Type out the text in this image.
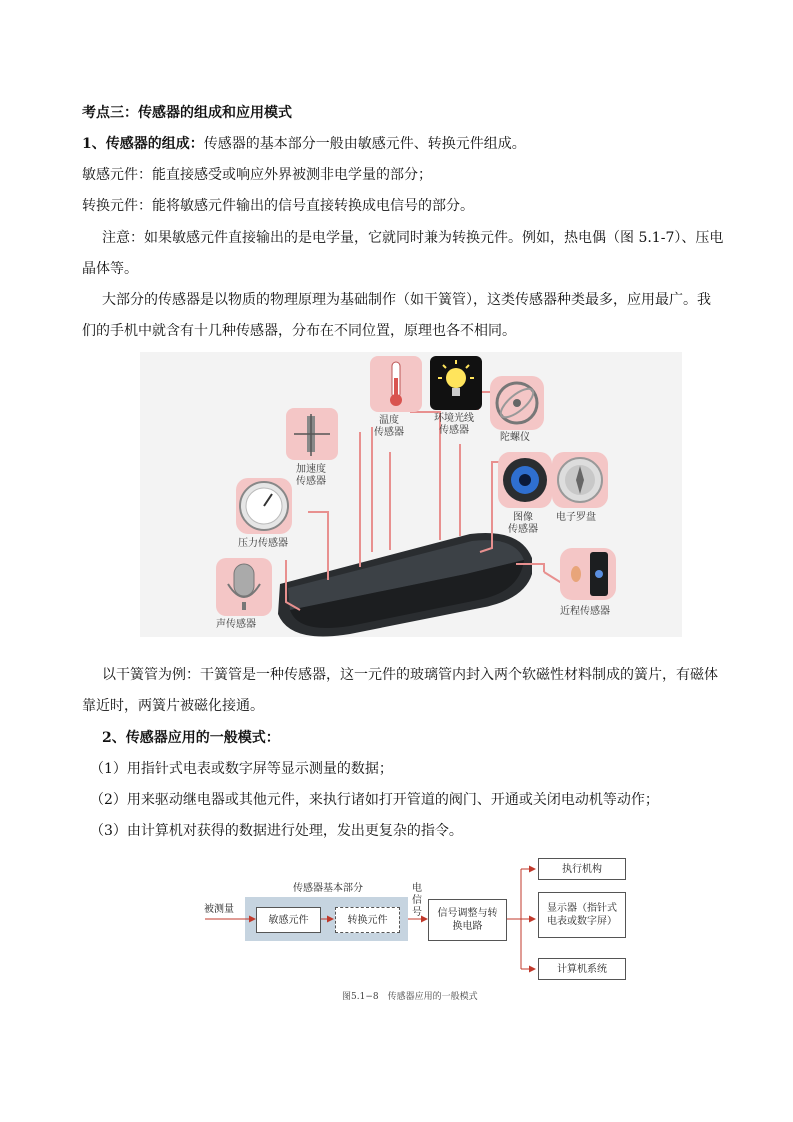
考点三：传感器的组成和应用模式

1、传感器的组成：传感器的基本部分一般由敏感元件、转换元件组成。

敏感元件：能直接感受或响应外界被测非电学量的部分；

转换元件：能将敏感元件输出的信号直接转换成电信号的部分。

注意：如果敏感元件直接输出的是电学量，它就同时兼为转换元件。例如，热电偶（图 5.1-7）、压电

晶体等。

大部分的传感器是以物质的物理原理为基础制作（如干簧管），这类传感器种类最多，应用最广。我

们的手机中就含有十几种传感器，分布在不同位置，原理也各不相同。

温度
传感器
环境光线
传感器
陀螺仪
加速度
传感器
图像
传感器
电子罗盘
压力传感器
近程传感器
声传感器

以干簧管为例：干簧管是一种传感器，这一元件的玻璃管内封入两个软磁性材料制成的簧片，有磁体

靠近时，两簧片被磁化接通。

2、传感器应用的一般模式：

（1）用指针式电表或数字屏等显示测量的数据；

（2）用来驱动继电器或其他元件，来执行诸如打开管道的阀门、开通或关闭电动机等动作；

（3）由计算机对获得的数据进行处理，发出更复杂的指令。

被测量
传感器基本部分
敏感元件	转换元件
电
信
号 信号调整与转
换电路
执行机构
显示器（指针式
电表或数字屏）
计算机系统
图5.1−8　传感器应用的一般模式
